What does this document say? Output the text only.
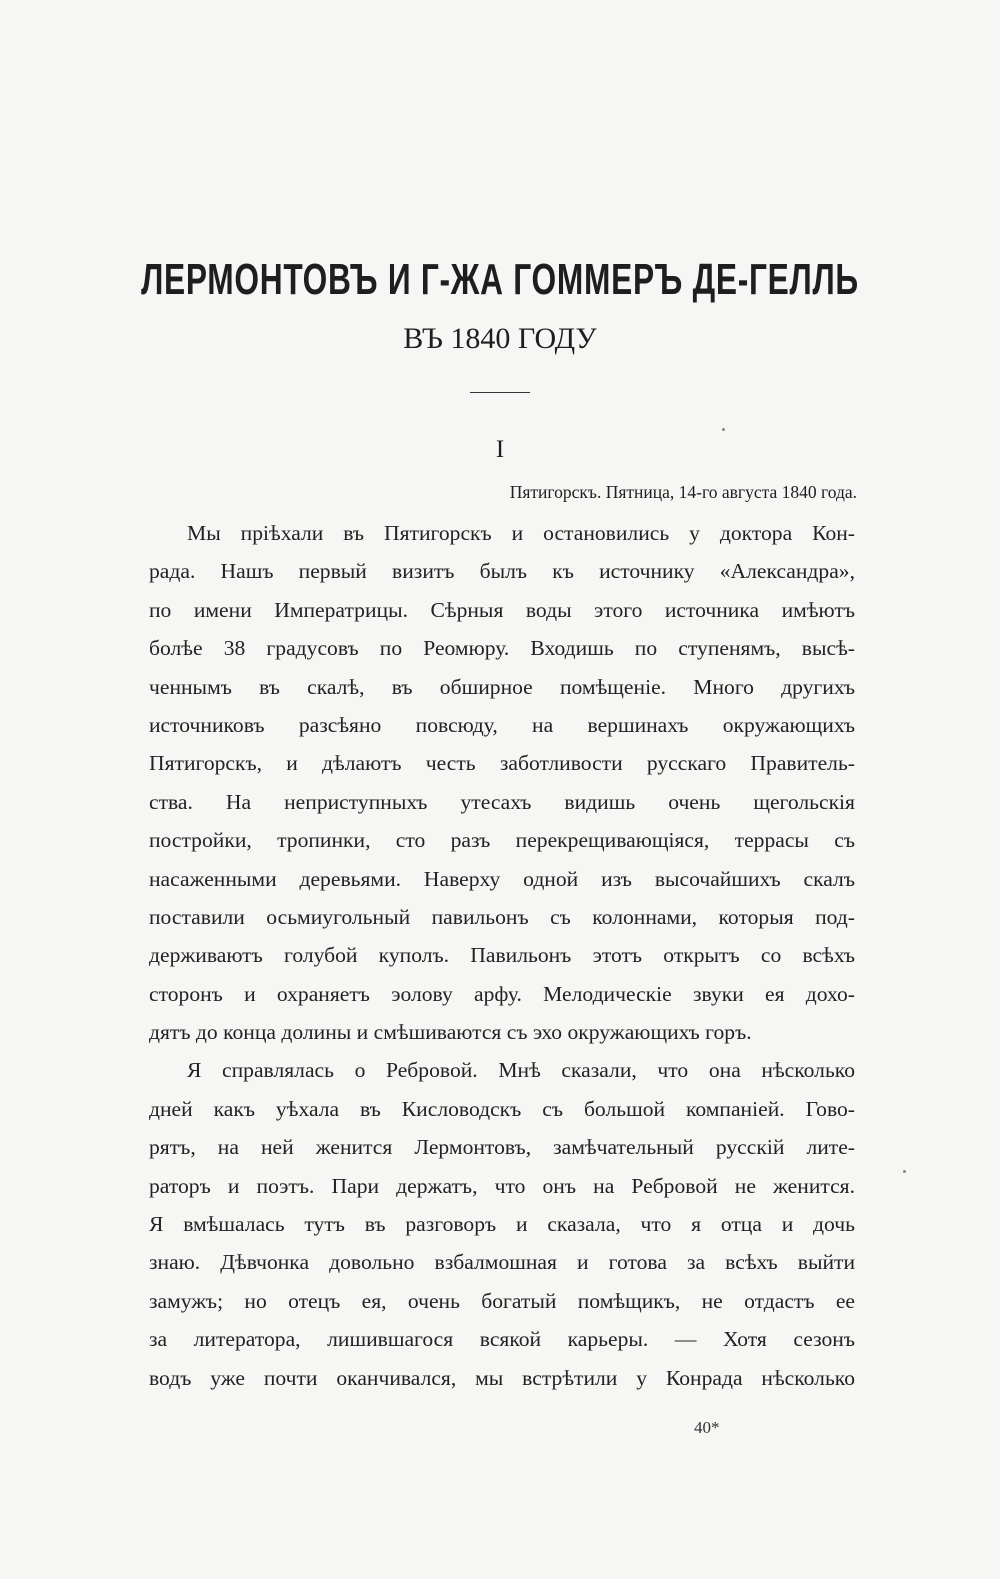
ЛЕРМОНТОВЪ И Г-ЖА ГОММЕРЪ ДЕ-ГЕЛЛЬ
ВЪ 1840 ГОДУ
I
Пятигорскъ. Пятница, 14-го августа 1840 года.
Мы пріѣхали въ Пятигорскъ и остановились у доктора Кон-
рада. Нашъ первый визитъ былъ къ источнику «Александра»,
по имени Императрицы. Сѣрныя воды этого источника имѣютъ
болѣе 38 градусовъ по Реомюру. Входишь по ступенямъ, высѣ-
ченнымъ въ скалѣ, въ обширное помѣщеніе. Много другихъ
источниковъ разсѣяно повсюду, на вершинахъ окружающихъ
Пятигорскъ, и дѣлаютъ честь заботливости русскаго Правитель-
ства. На неприступныхъ утесахъ видишь очень щегольскія
постройки, тропинки, сто разъ перекрещивающіяся, террасы съ
насаженными деревьями. Наверху одной изъ высочайшихъ скалъ
поставили осьмиугольный павильонъ съ колоннами, которыя под-
держиваютъ голубой куполъ. Павильонъ этотъ открытъ со всѣхъ
сторонъ и охраняетъ эолову арфу. Мелодическіе звуки ея дохо-
дятъ до конца долины и смѣшиваются съ эхо окружающихъ горъ.
Я справлялась о Ребровой. Мнѣ сказали, что она нѣсколько
дней какъ уѣхала въ Кисловодскъ съ большой компаніей. Гово-
рятъ, на ней женится Лермонтовъ, замѣчательный русскій лите-
раторъ и поэтъ. Пари держатъ, что онъ на Ребровой не женится.
Я вмѣшалась тутъ въ разговоръ и сказала, что я отца и дочь
знаю. Дѣвчонка довольно взбалмошная и готова за всѣхъ выйти
замужъ; но отецъ ея, очень богатый помѣщикъ, не отдастъ ее
за литератора, лишившагося всякой карьеры. — Хотя сезонъ
водъ уже почти оканчивался, мы встрѣтили у Конрада нѣсколько
40*
